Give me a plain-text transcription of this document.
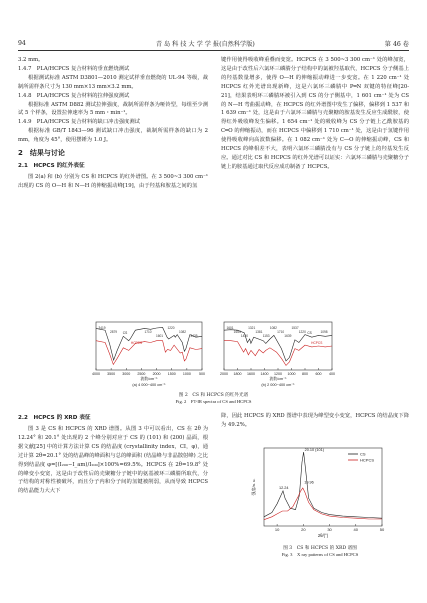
94	青 岛 科 技 大 学 学 报(自然科学版)	第 46 卷

3.2 mm。

1.4.7　PLA/HCPCS 复合材料的垂直燃烧测试

根据测试标准 ASTM D3801—2010 测定试样垂直燃烧的 UL-94 等级，裁制所需样条尺寸为 130 mm×13 mm×3.2 mm。

1.4.8　PLA/HCPCS 复合材料的拉伸强度测试

根据标准 ASTM D882 测试拉伸强度，裁制所需样条为哑铃型，每组至少测试 5 个样条，设置拉伸速率为 5 mm・min⁻¹。

1.4.9　PLA/HCPCS 复合材料的缺口冲击强度测试

根据标准 GB/T 1843—96 测试缺口冲击强度，裁制所需样条的缺口为 2 mm，角度为 45°，使用摆锤为 1.0 J。

2　结果与讨论

2.1　HCPCS 的红外表征

图 2(a) 和 (b) 分别为 CS 和 HCPCS 的红外谱图。在 3 500~3 300 cm⁻¹ 出现的 CS 的 O—H 和 N—H 的伸缩振动峰[19]，由于羟基和胺基之间的氢

键作用使得吸收峰重叠而变宽。HCPCS 在 3 500~3 300 cm⁻¹ 处的峰加宽，这是由于改性后六氯环三磷腈分子结构中的氯被羟基取代，HCPCS 分子侧基上的羟基数量增多，使得 O—H 的伸缩振动峰进一步变宽。在 1 220 cm⁻¹ 处 HCPCS 红外光谱出现新峰，这是六氯环三磷腈中 P═N 双键的特征峰[20-21]，结果表明环三磷腈环被引入到 CS 的分子侧基中，1 601 cm⁻¹ 处为 CS 的 N—H 弯曲振动峰，在 HCPCS 的红外谱图中发生了偏移，偏移到 1 537 和 1 639 cm⁻¹ 处，这是由于六氯环三磷腈与壳聚糖的胺基发生反应生成酰胺，使得红外吸收峰发生偏移。1 654 cm⁻¹ 处的吸收峰为 CS 分子链上乙酰胺基的 C═O 的伸缩振动，而在 HCPCS 中偏移到 1 710 cm⁻¹ 处，这是由于氢键作用使得吸收峰向高波数偏移。在 1 082 cm⁻¹ 处为 C—O 的伸缩振动峰，CS 和 HCPCS 的峰相差不大，表明六氯环三磷腈没有与 CS 分子链上的羟基发生反应。通过对比 CS 和 HCPCS 的红外光谱可以证实：六氯环三磷腈与壳聚糖分子链上的胺基通过取代反应成功制备了 HCPCS。

4000 3500 3000 2500 2000 1500 1000 500
波数/cm⁻¹
(a) 4 000~400 cm⁻¹
3419
2879 CS
HCPCS
1710
1601
1220
1082
3435
2000 1800 1600 1400 1200 1000 800 600 400
波数/cm⁻¹
(b) 2 000~400 cm⁻¹
1601
1654
1420
1321
1381
1153
1082
1710
1639
1537
1220 CS
HCPCS
1098
图 2　CS 和 HCPCS 的红外光谱
Fig. 2　FT-IR spectra of CS and HCPCS

2.2　HCPCS 的 XRD 表征

图 3 是 CS 和 HCPCS 的 XRD 谱图。从图 3 中可以看出，CS 在 2θ 为 12.24° 和 20.1° 处出现的 2 个峰分别对应于 CS 的 (101) 和 (200) 晶面，根据文献[25] 中的计算方法计算 CS 的结晶度 (crystallinity index，CI，φ)，通过计算 2θ=20.1° 处的结晶峰的峰面积与总的峰面积 (结晶峰与非晶散射峰) 之比得到结晶度 φ=[(I₂₀₀−I_am)/I₂₀₀]×100%=69.5%。HCPCS 在 2θ=19.8° 处的峰变小变宽，这是由于改性后的壳聚糖分子链中的氨基被环三磷腈所取代，分子结构的对称性被破坏，而且分子内和分子间的氢键被削弱，从而导致 HCPCS 的结晶能力大大下

降，因此 HCPCS 的 XRD 图谱中表现为峰型变小变宽，HCPCS 的结晶度下降为 49.2%。

10	20	30	40	50
2θ/(°)
强度/a. u.
CS
HCPCS
20.10 (101)
19.96
12.24
图 3　CS 和 HCPCS 的 XRD 谱图
Fig. 3　X ray patterns of CS and HCPCS
